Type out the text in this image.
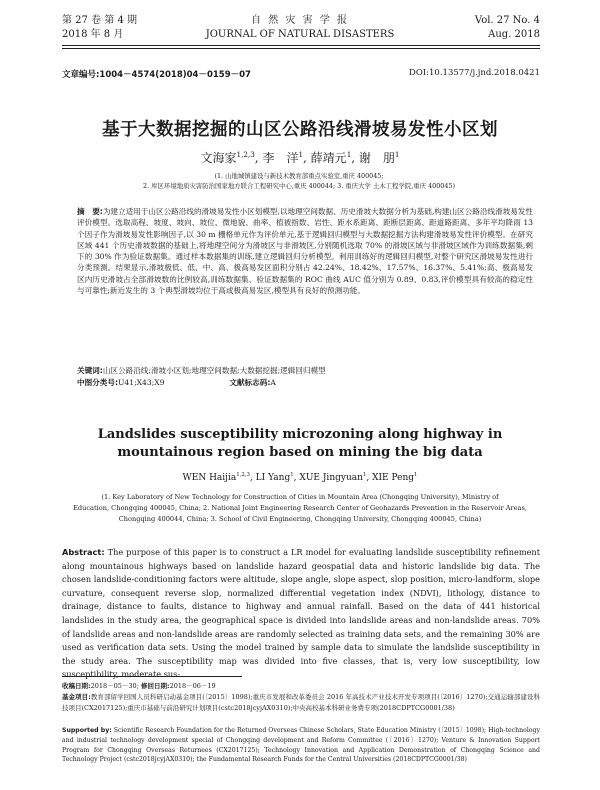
第 27 卷 第 4 期
2018 年 8 月
自 然 灾 害 学 报
JOURNAL OF NATURAL DISASTERS
Vol. 27 No. 4
Aug. 2018
文章编号:1004－4574(2018)04－0159－07	DOI:10.13577/j.jnd.2018.0421
基于大数据挖掘的山区公路沿线滑坡易发性小区划
文海家$^{1,2,3}$, 李　洋$^1$, 薛靖元$^1$, 谢　朋$^1$
(1. 山地城镇建设与新技术教育部重点实验室,重庆 400045;
2. 库区环境地质灾害防治国家地方联合工程研究中心,重庆 400044; 3. 重庆大学 土木工程学院,重庆 400045)
摘　要:为建立适用于山区公路沿线的滑坡易发性小区划模型,以地理空间数据、历史滑坡大数据分析为基础,构建山区公路沿线滑坡易发性评价模型。选取高程、坡度、坡向、坡位、微地貌、曲率、植被指数、岩性、距水系距离、距断层距离、距道路距离、多年平均降雨 13 个因子作为滑坡易发性影响因子,以 30 m 栅格单元作为评价单元,基于逻辑回归模型与大数据挖掘方法构建滑坡易发性评价模型。在研究区域 441 个历史滑坡数据的基础上,将地理空间分为滑坡区与非滑坡区,分别随机选取 70% 的滑坡区域与非滑坡区域作为训练数据集,剩下的 30% 作为验证数据集。通过样本数据集的训练,建立逻辑回归分析模型。利用训练好的逻辑回归模型,对整个研究区滑坡易发性进行分类预测。结果显示,滑坡极低、低、中、高、极高易发区面积分别占 42.24%、18.42%、17.57%、16.37%、5.41%;高、极高易发区内历史滑坡占全部滑坡数的比例较高,训练数据集、验证数据集的 ROC 曲线 AUC 值分别为 0.89、0.83,评价模型具有较高的稳定性与可靠性;新近发生的 3 个典型滑坡均位于高或极高易发区,模型具有良好的预测功能。
关键词:山区公路沿线;滑坡小区划;地理空间数据;大数据挖掘;逻辑回归模型
中图分类号:U41;X43;X9	文献标志码:A
Landslides susceptibility microzoning along highway in mountainous region based on mining the big data
WEN Haijia$^{1,2,3}$, LI Yang$^1$, XUE Jingyuan$^1$, XIE Peng$^1$
(1. Key Laboratory of New Technology for Construction of Cities in Mountain Area (Chongqing University), Ministry of
Education, Chongqing 400045, China; 2. National Joint Engineering Research Center of Geohazards Prevention in the Reservoir Areas,
Chongqing 400044, China; 3. School of Civil Engineering, Chongqing University, Chongqing 400045, China)
Abstract: The purpose of this paper is to construct a LR model for evaluating landslide susceptibility refinement along mountainous highways based on landslide hazard geospatial data and historic landslide big data. The chosen landslide-conditioning factors were altitude, slope angle, slope aspect, slop position, micro-landform, slope curvature, consequent reverse slop, normalized differential vegetation index (NDVI), lithology, distance to drainage, distance to faults, distance to highway and annual rainfall. Based on the data of 441 historical landslides in the study area, the geographical space is divided into landslide areas and non-landslide areas. 70% of landslide areas and non-landslide areas are randomly selected as training data sets, and the remaining 30% are used as verification data sets. Using the model trained by sample data to simulate the landslide susceptibility in the study area. The susceptibility map was divided into five classes, that is, very low susceptibility, low susceptibility, moderate sus-
收稿日期:2018－05－30; 修回日期:2018－06－19
基金项目:教育部留学回国人员科研启动基金项目(〔2015〕1098);重庆市发展和改革委员会 2016 年高技术产业技术开发专项项目(〔2016〕1270);交通运输部建设科技项目(CX2017125);重庆市基础与前沿研究计划项目(cstc2018jcyjAX0310);中央高校基本科研业务费专项(2018CDPTCG0001/38)
Supported by: Scientific Research Foundation for the Returned Overseas Chinese Scholars, State Education Ministry (〔2015〕1098); High-technology and industrial technology development special of Chongqing development and Reform Committee (〔2016〕1270); Venture & Innovation Support Program for Chongqing Overseas Returnees (CX2017125); Technology Innovation and Application Demonstration of Chongqing Science and Technology Project (cstc2018jcyjAX0310); the Fundamental Research Funds for the Central Universities (2018CDPTCG0001/38)
